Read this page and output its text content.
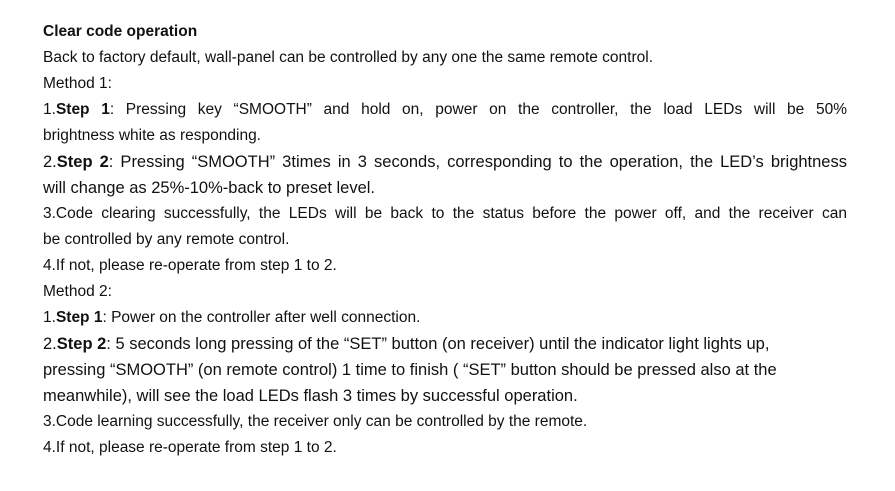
Clear code operation
Back to factory default, wall-panel can be controlled by any one the same remote control.
Method 1:
1.Step 1: Pressing key “SMOOTH” and hold on, power on the controller, the load LEDs will be 50%
brightness white as responding.
2.Step 2: Pressing “SMOOTH” 3times in 3 seconds, corresponding to the operation, the LED’s brightness
will change as 25%-10%-back to preset level.
3.Code clearing successfully, the LEDs will be back to the status before the power off, and the receiver can
be controlled by any remote control.
4.If not, please re-operate from step 1 to 2.
Method 2:
1.Step 1: Power on the controller after well connection.
2.Step 2: 5 seconds long pressing of the “SET” button (on receiver) until the indicator light lights up,
pressing “SMOOTH” (on remote control) 1 time to finish ( “SET” button should be pressed also at the
meanwhile), will see the load LEDs flash 3 times by successful operation.
3.Code learning successfully, the receiver only can be controlled by the remote.
4.If not, please re-operate from step 1 to 2.
